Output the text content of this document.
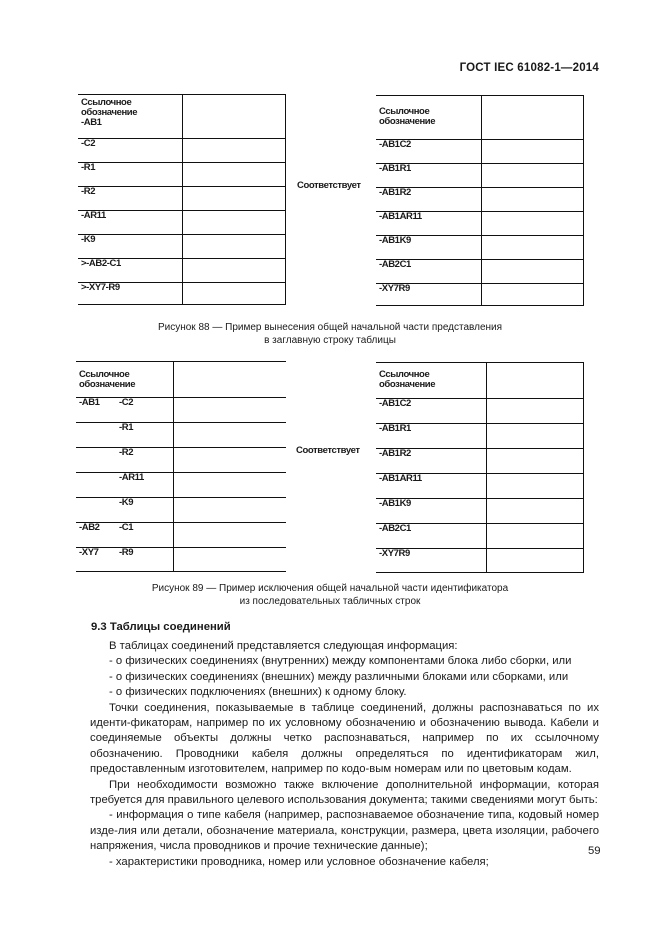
ГОСТ IEC 61082-1—2014
Ссылочное обозначение -AB1	
-C2	
-R1	
-R2	
-AR11	
-K9	
>-AB2-C1	
>-XY7-R9	
Соответствует
Ссылочное обозначение	
-AB1C2	
-AB1R1	
-AB1R2	
-AB1AR11	
-AB1K9	
-AB2C1	
-XY7R9	
Рисунок 88 — Пример вынесения общей начальной части представления
в заглавную строку таблицы
Ссылочное обозначение		
-AB1	-C2	
	-R1	
	-R2	
	-AR11	
	-K9	
-AB2	-C1	
-XY7	-R9	
Соответствует
Ссылочное обозначение	
-AB1C2	
-AB1R1	
-AB1R2	
-AB1AR11	
-AB1K9	
-AB2C1	
-XY7R9	
Рисунок 89 — Пример исключения общей начальной части идентификатора
из последовательных табличных строк
9.3 Таблицы соединений

В таблицах соединений представляется следующая информация:

- о физических соединениях (внутренних) между компонентами блока либо сборки, или

- о физических соединениях (внешних) между различными блоками или сборками, или

- о физических подключениях (внешних) к одному блоку.

Точки соединения, показываемые в таблице соединений, должны распознаваться по их иденти-фикаторам, например по их условному обозначению и обозначению вывода. Кабели и соединяемые объекты должны четко распознаваться, например по их ссылочному обозначению. Проводники кабеля должны определяться по идентификаторам жил, предоставленным изготовителем, например по кодо-вым номерам или по цветовым кодам.

При необходимости возможно также включение дополнительной информации, которая требуется для правильного целевого использования документа; такими сведениями могут быть:

- информация о типе кабеля (например, распознаваемое обозначение типа, кодовый номер изде-лия или детали, обозначение материала, конструкции, размера, цвета изоляции, рабочего напряжения, числа проводников и прочие технические данные);

- характеристики проводника, номер или условное обозначение кабеля;

59
